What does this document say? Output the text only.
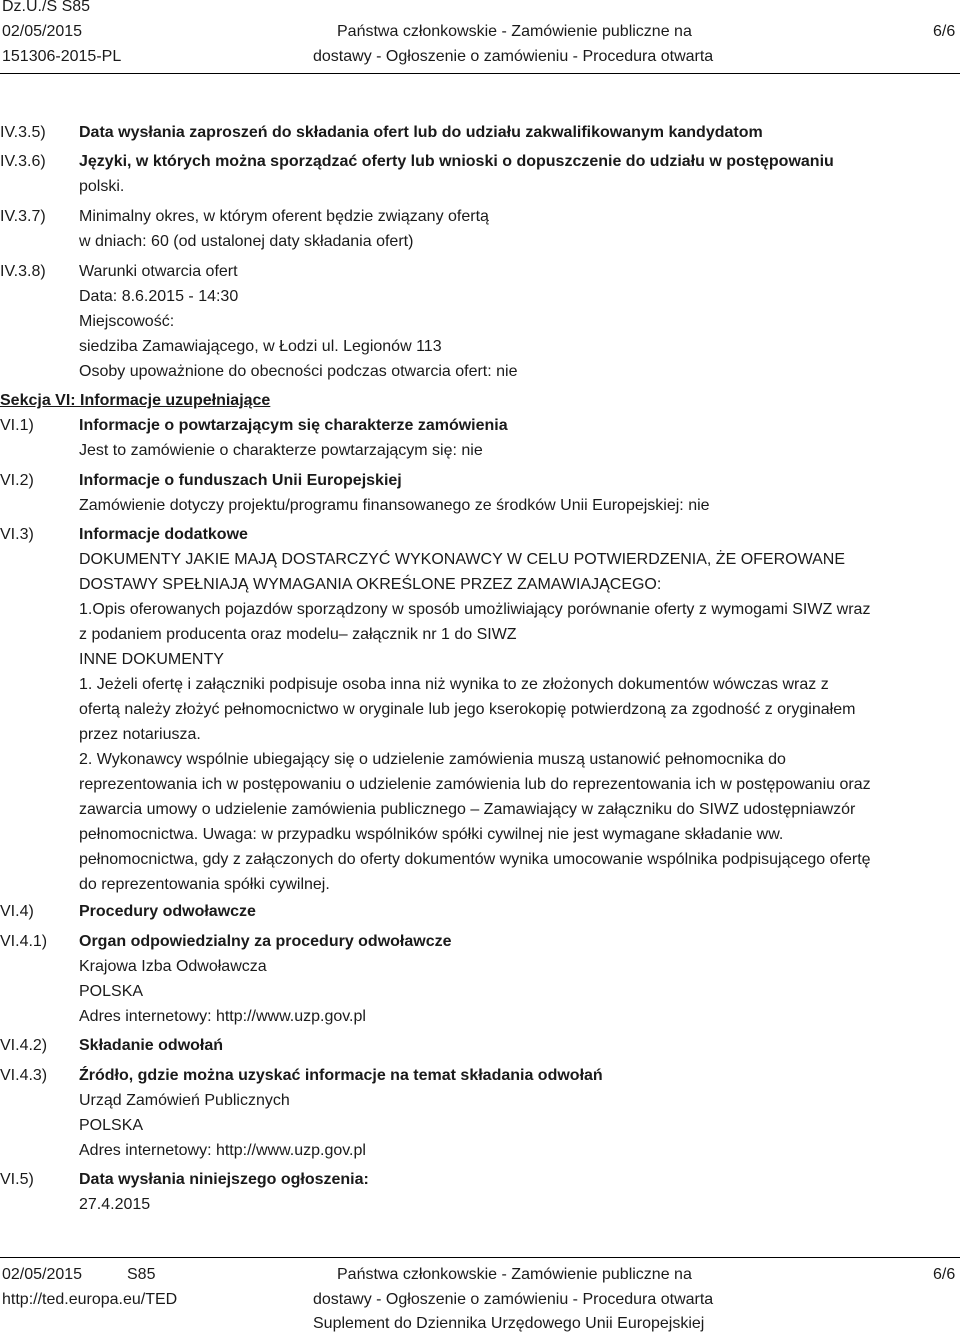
Dz.U./S S85
02/05/2015
151306-2015-PL
Państwa członkowskie - Zamówienie publiczne na
dostawy - Ogłoszenie o zamówieniu - Procedura otwarta
6/6
IV.3.5) Data wysłania zaproszeń do składania ofert lub do udziału zakwalifikowanym kandydatom

IV.3.6) Języki, w których można sporządzać oferty lub wnioski o dopuszczenie do udziału w postępowaniu

polski.

IV.3.7) Minimalny okres, w którym oferent będzie związany ofertą

w dniach: 60 (od ustalonej daty składania ofert)

IV.3.8) Warunki otwarcia ofert

Data: 8.6.2015 - 14:30

Miejscowość:

siedziba Zamawiającego, w Łodzi ul. Legionów 113

Osoby upoważnione do obecności podczas otwarcia ofert: nie

Sekcja VI: Informacje uzupełniające
VI.1)	Informacje o powtarzającym się charakterze zamówienia

Jest to zamówienie o charakterze powtarzającym się: nie

VI.2)	Informacje o funduszach Unii Europejskiej

Zamówienie dotyczy projektu/programu finansowanego ze środków Unii Europejskiej: nie

VI.3)	Informacje dodatkowe

DOKUMENTY JAKIE MAJĄ DOSTARCZYĆ WYKONAWCY W CELU POTWIERDZENIA, ŻE OFEROWANE

DOSTAWY SPEŁNIAJĄ WYMAGANIA OKREŚLONE PRZEZ ZAMAWIAJĄCEGO:

1.Opis oferowanych pojazdów sporządzony w sposób umożliwiający porównanie oferty z wymogami SIWZ wraz

z podaniem producenta oraz modelu– załącznik nr 1 do SIWZ

INNE DOKUMENTY

1. Jeżeli ofertę i załączniki podpisuje osoba inna niż wynika to ze złożonych dokumentów wówczas wraz z

ofertą należy złożyć pełnomocnictwo w oryginale lub jego kserokopię potwierdzoną za zgodność z oryginałem

przez notariusza.

2. Wykonawcy wspólnie ubiegający się o udzielenie zamówienia muszą ustanowić pełnomocnika do

reprezentowania ich w postępowaniu o udzielenie zamówienia lub do reprezentowania ich w postępowaniu oraz

zawarcia umowy o udzielenie zamówienia publicznego – Zamawiający w załączniku do SIWZ udostępniawzór

pełnomocnictwa. Uwaga: w przypadku wspólników spółki cywilnej nie jest wymagane składanie ww.

pełnomocnictwa, gdy z załączonych do oferty dokumentów wynika umocowanie wspólnika podpisującego ofertę

do reprezentowania spółki cywilnej.

VI.4)	Procedury odwoławcze

VI.4.1) Organ odpowiedzialny za procedury odwoławcze

Krajowa Izba Odwoławcza

POLSKA

Adres internetowy: http://www.uzp.gov.pl

VI.4.2) Składanie odwołań

VI.4.3) Źródło, gdzie można uzyskać informacje na temat składania odwołań

Urząd Zamówień Publicznych

POLSKA

Adres internetowy: http://www.uzp.gov.pl

VI.5)	Data wysłania niniejszego ogłoszenia:

27.4.2015

02/05/2015	S85
http://ted.europa.eu/TED
Państwa członkowskie - Zamówienie publiczne na
dostawy - Ogłoszenie o zamówieniu - Procedura otwarta
Suplement do Dziennika Urzędowego Unii Europejskiej
6/6
